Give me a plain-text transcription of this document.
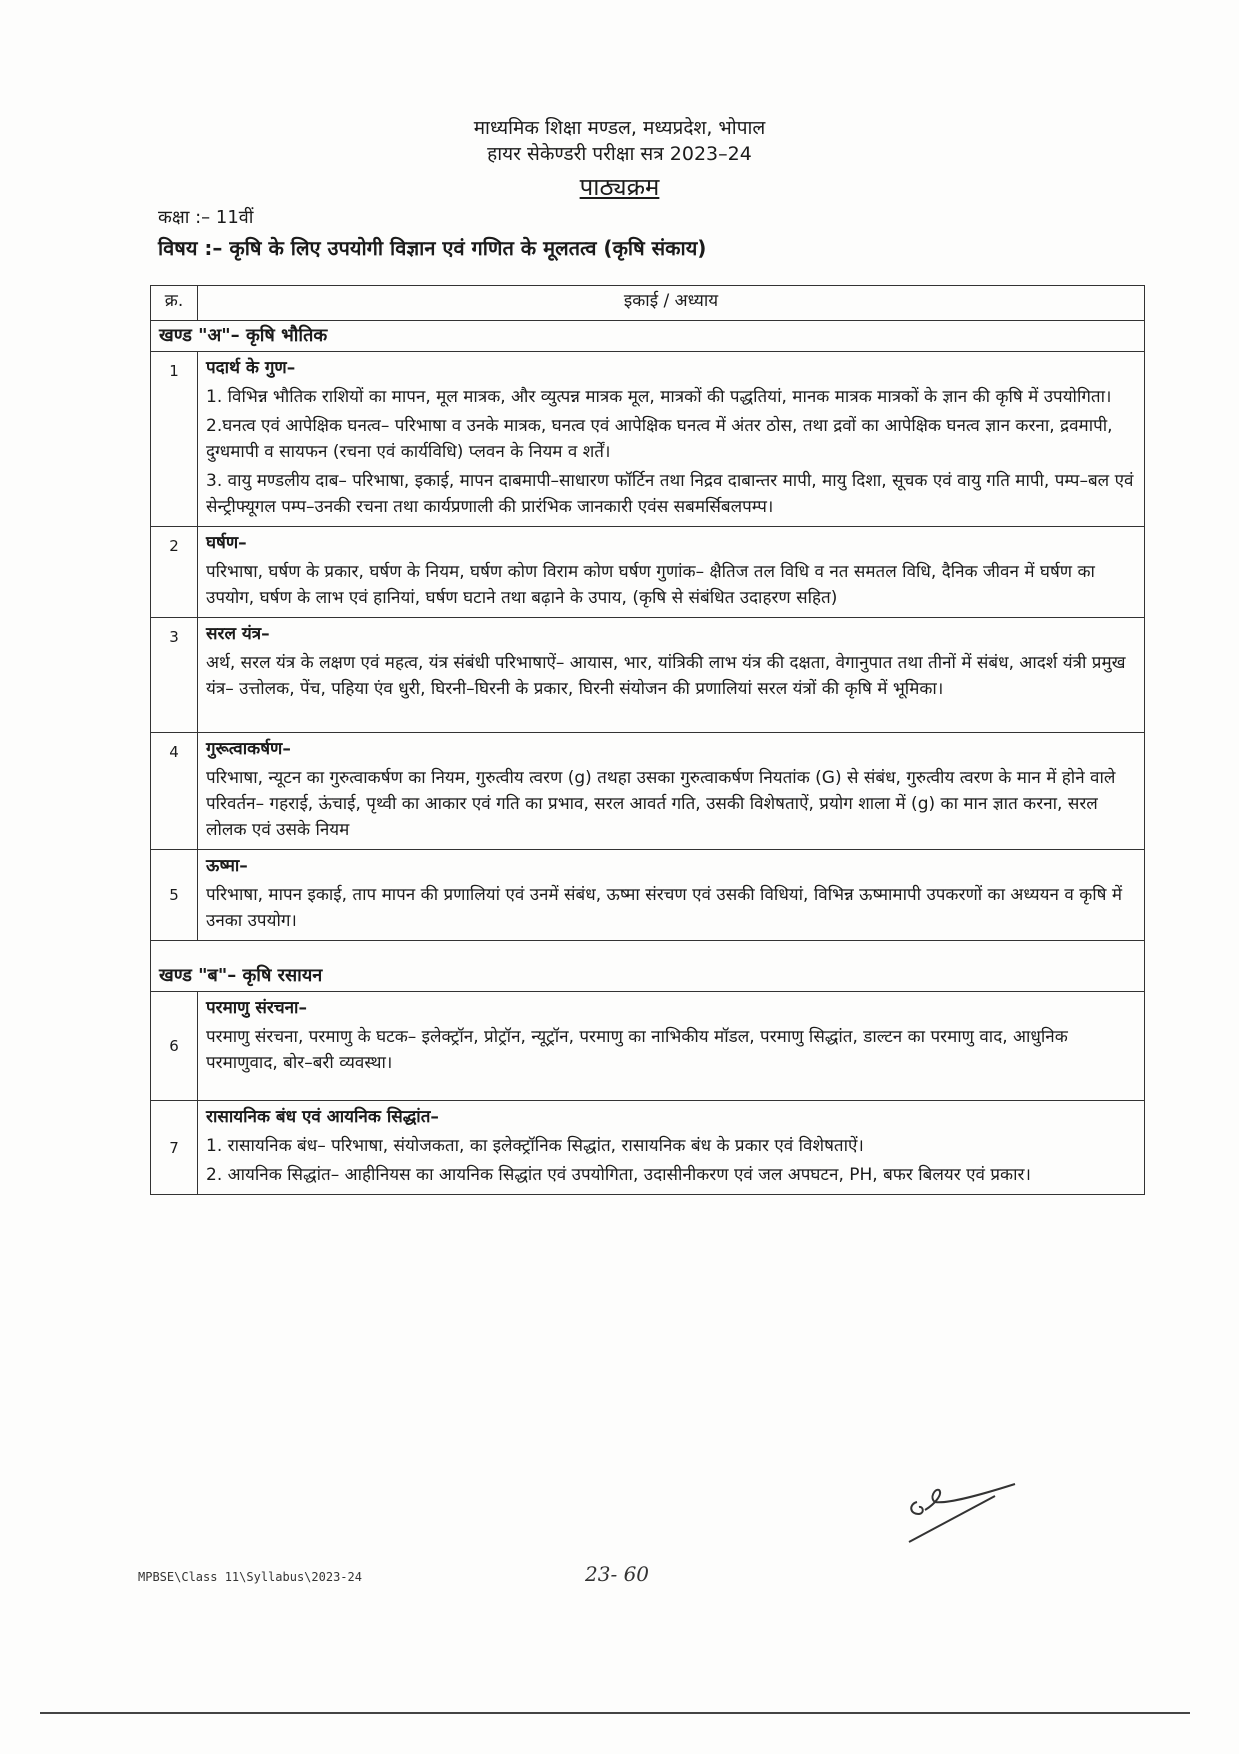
माध्यमिक शिक्षा मण्डल, मध्यप्रदेश, भोपाल
हायर सेकेण्डरी परीक्षा सत्र 2023–24
पाठ्यक्रम
कक्षा :– 11वीं
विषय :– कृषि के लिए उपयोगी विज्ञान एवं गणित के मूलतत्व (कृषि संकाय)
क्र.	इकाई / अध्याय
खण्ड "अ"– कृषि भौतिक	
1	पदार्थ के गुण–
1. विभिन्न भौतिक राशियों का मापन, मूल मात्रक, और व्युत्पन्न मात्रक मूल, मात्रकों की पद्धतियां, मानक मात्रक मात्रकों के ज्ञान की कृषि में उपयोगिता।
2.घनत्व एवं आपेक्षिक घनत्व– परिभाषा व उनके मात्रक, घनत्व एवं आपेक्षिक घनत्व में अंतर ठोस, तथा द्रवों का आपेक्षिक घनत्व ज्ञान करना, द्रवमापी, दुग्धमापी व सायफन (रचना एवं कार्यविधि) प्लवन के नियम व शर्तें।
3. वायु मण्डलीय दाब– परिभाषा, इकाई, मापन दाबमापी–साधारण फॉर्टिन तथा निद्रव दाबान्तर मापी, मायु दिशा, सूचक एवं वायु गति मापी, पम्प–बल एवं सेन्ट्रीफ्यूगल पम्प–उनकी रचना तथा कार्यप्रणाली की प्रारंभिक जानकारी एवंस सबमर्सिबलपम्प।

2	घर्षण–
परिभाषा, घर्षण के प्रकार, घर्षण के नियम, घर्षण कोण विराम कोण घर्षण गुणांक– क्षैतिज तल विधि व नत समतल विधि, दैनिक जीवन में घर्षण का उपयोग, घर्षण के लाभ एवं हानियां, घर्षण घटाने तथा बढ़ाने के उपाय, (कृषि से संबंधित उदाहरण सहित)

3	सरल यंत्र–
अर्थ, सरल यंत्र के लक्षण एवं महत्व, यंत्र संबंधी परिभाषाऐं– आयास, भार, यांत्रिकी लाभ यंत्र की दक्षता, वेगानुपात तथा तीनों में संबंध, आदर्श यंत्री प्रमुख यंत्र– उत्तोलक, पेंच, पहिया एंव धुरी, घिरनी–घिरनी के प्रकार, घिरनी संयोजन की प्रणालियां सरल यंत्रों की कृषि में भूमिका।

4	गुरूत्वाकर्षण–
परिभाषा, न्यूटन का गुरुत्वाकर्षण का नियम, गुरुत्वीय त्वरण (g) तथहा उसका गुरुत्वाकर्षण नियतांक (G) से संबंध, गुरुत्वीय त्वरण के मान में होने वाले परिवर्तन– गहराई, ऊंचाई, पृथ्वी का आकार एवं गति का प्रभाव, सरल आवर्त गति, उसकी विशेषताऐं, प्रयोग शाला में (g) का मान ज्ञात करना, सरल लोलक एवं उसके नियम

5	ऊष्मा–
परिभाषा, मापन इकाई, ताप मापन की प्रणालियां एवं उनमें संबंध, ऊष्मा संरचण एवं उसकी विधियां, विभिन्न ऊष्मामापी उपकरणों का अध्ययन व कृषि में उनका उपयोग।

खण्ड "ब"– कृषि रसायन	
6	परमाणु संरचना–
परमाणु संरचना, परमाणु के घटक– इलेक्ट्रॉन, प्रोट्रॉन, न्यूट्रॉन, परमाणु का नाभिकीय मॉडल, परमाणु सिद्धांत, डाल्टन का परमाणु वाद, आधुनिक परमाणुवाद, बोर–बरी व्यवस्था।

7	रासायनिक बंध एवं आयनिक सिद्धांत–
1. रासायनिक बंध– परिभाषा, संयोजकता, का इलेक्ट्रॉनिक सिद्धांत, रासायनिक बंध के प्रकार एवं विशेषताऐं।
2. आयनिक सिद्धांत– आहीनियस का आयनिक सिद्धांत एवं उपयोगिता, उदासीनीकरण एवं जल अपघटन, PH, बफर बिलयर एवं प्रकार।
MPBSE\Class 11\Syllabus\2023-24	23- 60
